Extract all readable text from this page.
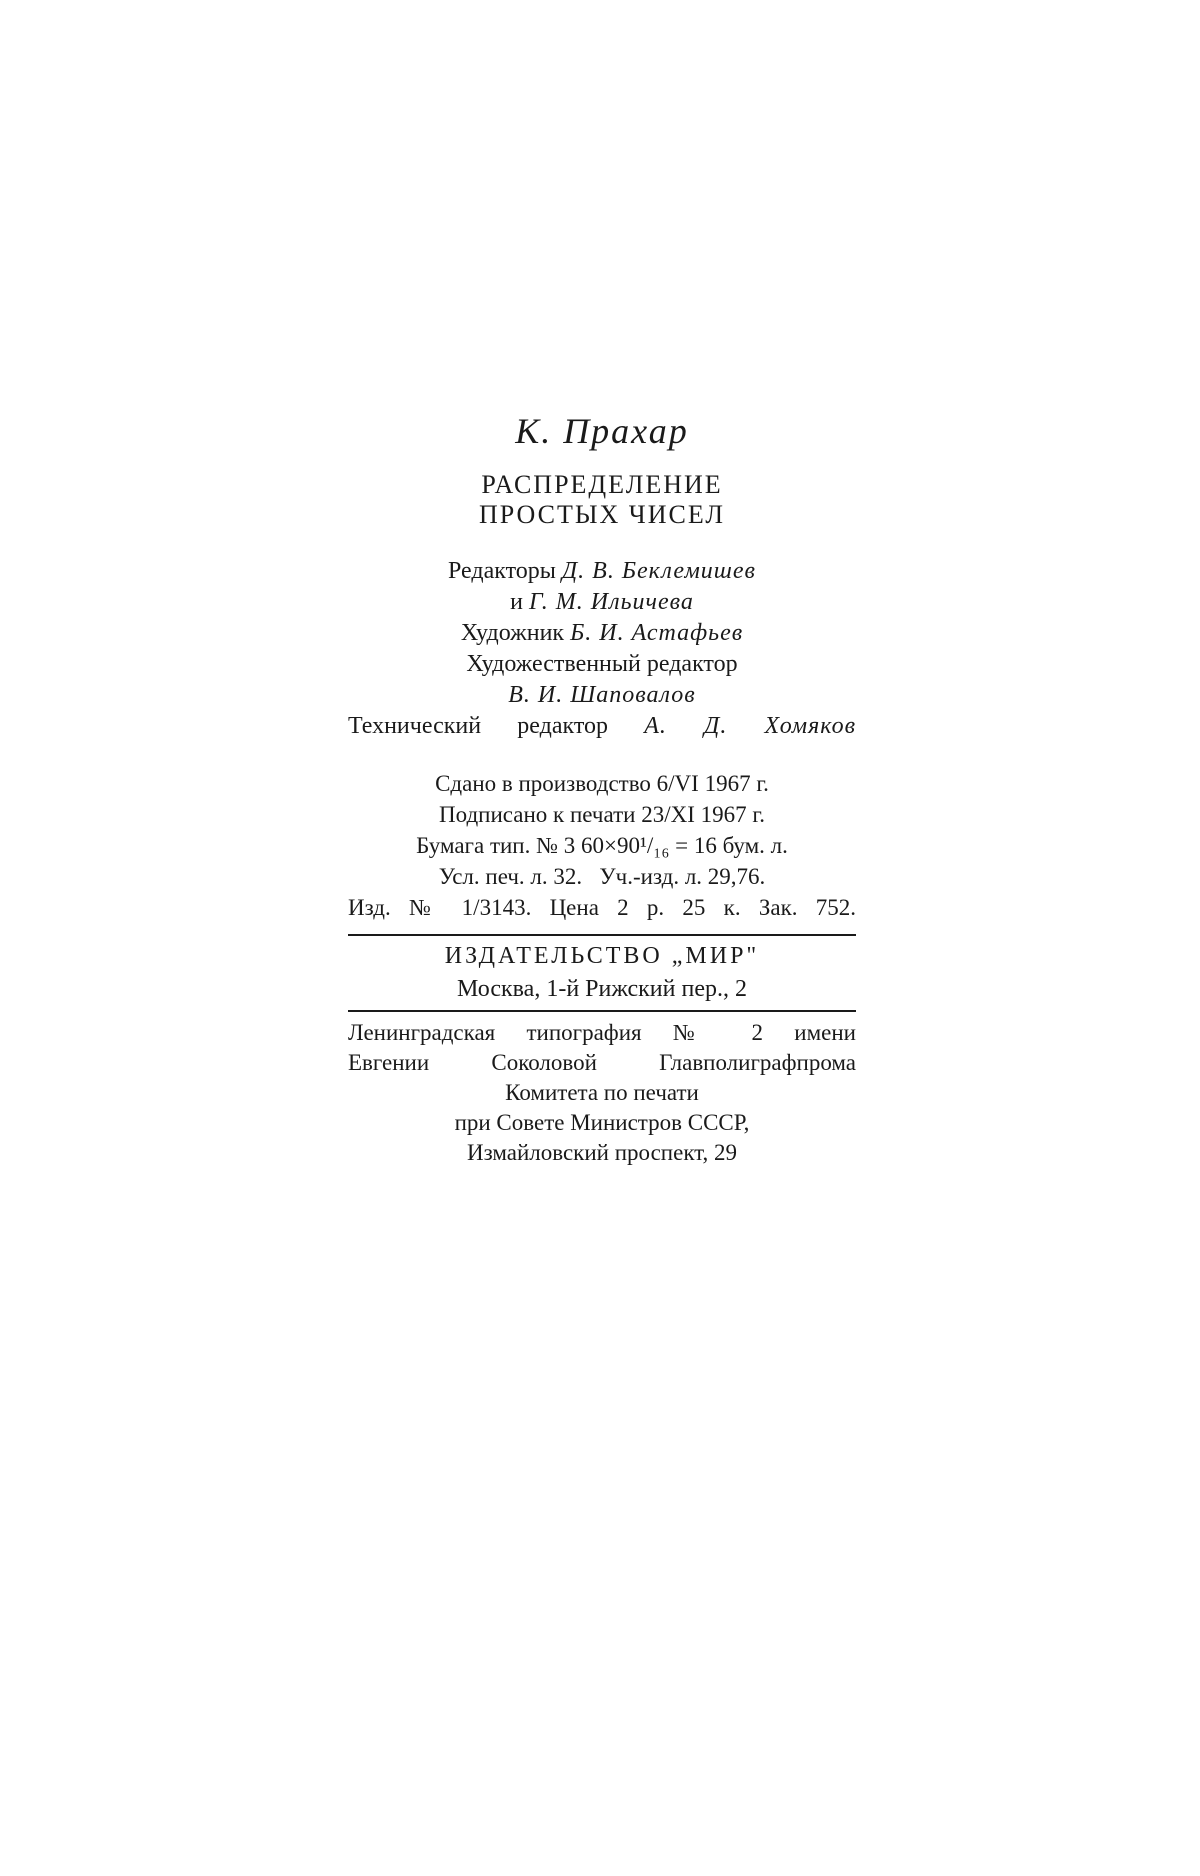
К. Прахар
РАСПРЕДЕЛЕНИЕ
ПРОСТЫХ ЧИСЕЛ
Редакторы Д. В. Беклемишев
и Г. М. Ильичева
Художник Б. И. Астафьев
Художественный редактор
В. И. Шаповалов
Технический редактор А. Д. Хомяков
Сдано в производство 6/VI 1967 г.
Подписано к печати 23/XI 1967 г.
Бумага тип. № 3 60×90¹/₁₆ = 16 бум. л.
Усл. печ. л. 32.   Уч.-изд. л. 29,76.
Изд. № 1/3143. Цена 2 р. 25 к. Зак. 752.
ИЗДАТЕЛЬСТВО „МИР"
Москва, 1-й Рижский пер., 2
Ленинградская типография № 2 имени
Евгении Соколовой Главполиграфпрома
Комитета по печати
при Совете Министров СССР,
Измайловский проспект, 29
